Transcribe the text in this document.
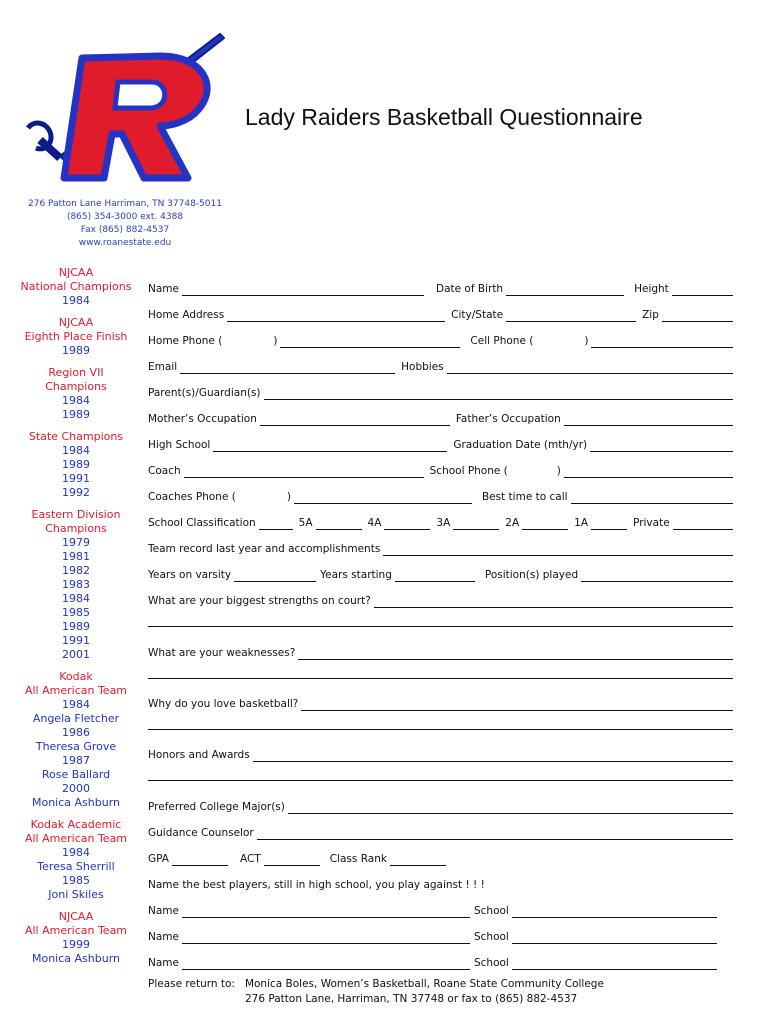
Lady Raiders Basketball Questionnaire
276 Patton Lane Harriman, TN 37748-5011
(865) 354-3000 ext. 4388
Fax (865) 882-4537
www.roanestate.edu
NJCAA
National Champions
1984
NJCAA
Eighth Place Finish
1989
Region VII
Champions
1984
1989
State Champions
1984
1989
1991
1992
Eastern Division
Champions
1979
1981
1982
1983
1984
1985
1989
1991
2001
Kodak
All American Team
1984
Angela Fletcher
1986
Theresa Grove
1987
Rose Ballard
2000
Monica Ashburn
Kodak Academic
All American Team
1984
Teresa Sherrill
1985
Joni Skiles
NJCAA
All American Team
1999
Monica Ashburn
Name	Date of Birth	Height
Home Address	City/State	Zip
Home Phone (	)	Cell Phone (	)
Email	Hobbies
Parent(s)/Guardian(s)
Mother’s Occupation	Father’s Occupation
High School	Graduation Date (mth/yr)
Coach	School Phone (	)
Coaches Phone (	)	Best time to call
School Classification	5A	4A	3A	2A	1A	Private
Team record last year and accomplishments
Years on varsity	Years starting	Position(s) played
What are your biggest strengths on court?
What are your weaknesses?
Why do you love basketball?
Honors and Awards
Preferred College Major(s)
Guidance Counselor
GPA	ACT	Class Rank
Name the best players, still in high school, you play against ! ! !
Name	School
Name	School
Name	School
Please return to:   Monica Boles, Women’s Basketball, Roane State Community College
276 Patton Lane, Harriman, TN 37748 or fax to (865) 882-4537
